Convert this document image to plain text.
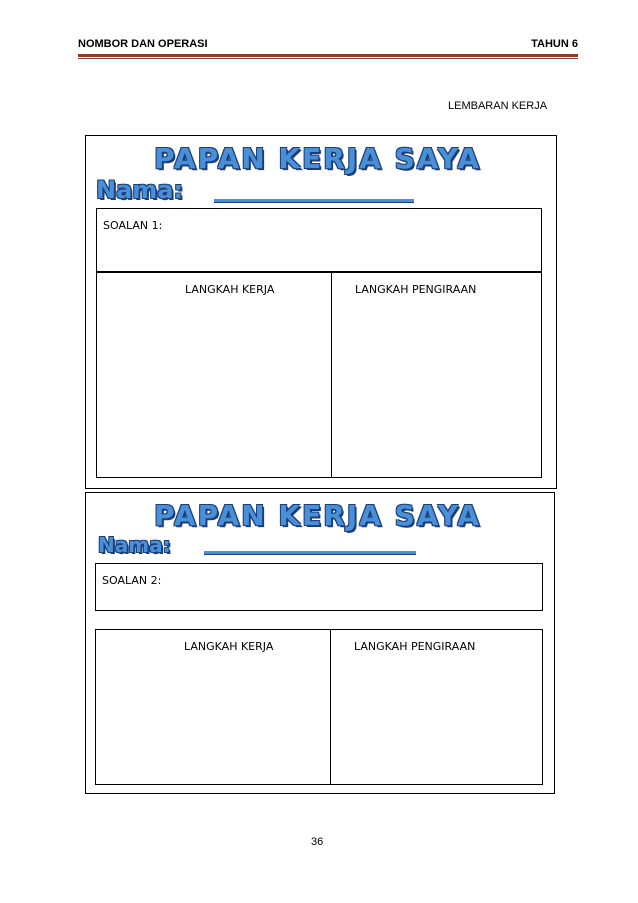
NOMBOR DAN OPERASI	TAHUN 6
LEMBARAN KERJA
PAPAN KERJA SAYA
Nama:
SOALAN 1:
LANGKAH KERJA	LANGKAH PENGIRAAN
PAPAN KERJA SAYA
Nama:
SOALAN 2:
LANGKAH KERJA	LANGKAH PENGIRAAN
36
